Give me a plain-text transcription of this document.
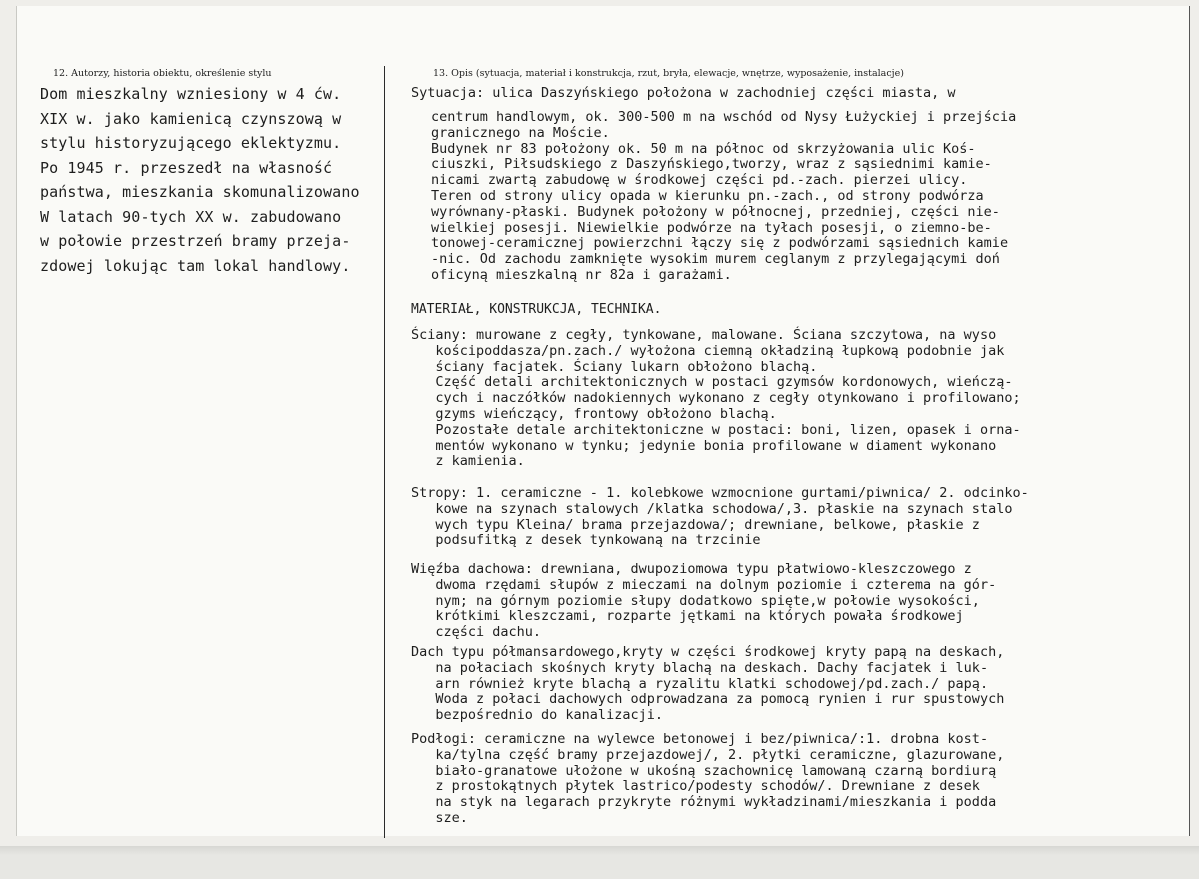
12. Autorzy, historia obiektu, określenie stylu
Dom mieszkalny wzniesiony w 4 ćw.
XIX w. jako kamienicą czynszową w
stylu historyzującego eklektyzmu.
Po 1945 r. przeszedł na własność
państwa, mieszkania skomunalizowano
W latach 90-tych XX w. zabudowano
w połowie przestrzeń bramy przeja-
zdowej lokując tam lokal handlowy.
13. Opis (sytuacja, materiał i konstrukcja, rzut, bryła, elewacje, wnętrze, wyposażenie, instalacje)

Sytuacja: ulica Daszyńskiego położona w zachodniej części miasta, w

centrum handlowym, ok. 300-500 m na wschód od Nysy Łużyckiej i przejścia
granicznego na Moście.
Budynek nr 83 położony ok. 50 m na północ od skrzyżowania ulic Koś-
ciuszki, Piłsudskiego z Daszyńskiego,tworzy, wraz z sąsiednimi kamie-
nicami zwartą zabudowę w środkowej części pd.-zach. pierzei ulicy.
Teren od strony ulicy opada w kierunku pn.-zach., od strony podwórza
wyrównany-płaski. Budynek położony w północnej, przedniej, części nie-
wielkiej posesji. Niewielkie podwórze na tyłach posesji, o ziemno-be-
tonowej-ceramicznej powierzchni łączy się z podwórzami sąsiednich kamie
-nic. Od zachodu zamknięte wysokim murem ceglanym z przylegającymi doń
oficyną mieszkalną nr 82a i garażami.

MATERIAŁ, KONSTRUKCJA, TECHNIKA.

Ściany: murowane z cegły, tynkowane, malowane. Ściana szczytowa, na wyso
kościpoddasza/pn.zach./ wyłożona ciemną okładziną łupkową podobnie jak
ściany facjatek. Ściany lukarn obłożono blachą.
Część detali architektonicznych w postaci gzymsów kordonowych, wieńczą-
cych i naczółków nadokiennych wykonano z cegły otynkowano i profilowano;
gzyms wieńczący, frontowy obłożono blachą.
Pozostałe detale architektoniczne w postaci: boni, lizen, opasek i orna-
mentów wykonano w tynku; jedynie bonia profilowane w diament wykonano
z kamienia.

Stropy: 1. ceramiczne - 1. kolebkowe wzmocnione gurtami/piwnica/ 2. odcinko-
kowe na szynach stalowych /klatka schodowa/,3. płaskie na szynach stalo
wych typu Kleina/ brama przejazdowa/; drewniane, belkowe, płaskie z
podsufitką z desek tynkowaną na trzcinie

Więźba dachowa: drewniana, dwupoziomowa typu płatwiowo-kleszczowego z
dwoma rzędami słupów z mieczami na dolnym poziomie i czterema na gór-
nym; na górnym poziomie słupy dodatkowo spięte,w połowie wysokości,
krótkimi kleszczami, rozparte jętkami na których powała środkowej
części dachu.

Dach typu półmansardowego,kryty w części środkowej kryty papą na deskach,
na połaciach skośnych kryty blachą na deskach. Dachy facjatek i luk-
arn również kryte blachą a ryzalitu klatki schodowej/pd.zach./ papą.
Woda z połaci dachowych odprowadzana za pomocą rynien i rur spustowych
bezpośrednio do kanalizacji.

Podłogi: ceramiczne na wylewce betonowej i bez/piwnica/:1. drobna kost-
ka/tylna część bramy przejazdowej/, 2. płytki ceramiczne, glazurowane,
biało-granatowe ułożone w ukośną szachownicę lamowaną czarną bordiurą
z prostokątnych płytek lastrico/podesty schodów/. Drewniane z desek
na styk na legarach przykryte różnymi wykładzinami/mieszkania i podda
sze.
